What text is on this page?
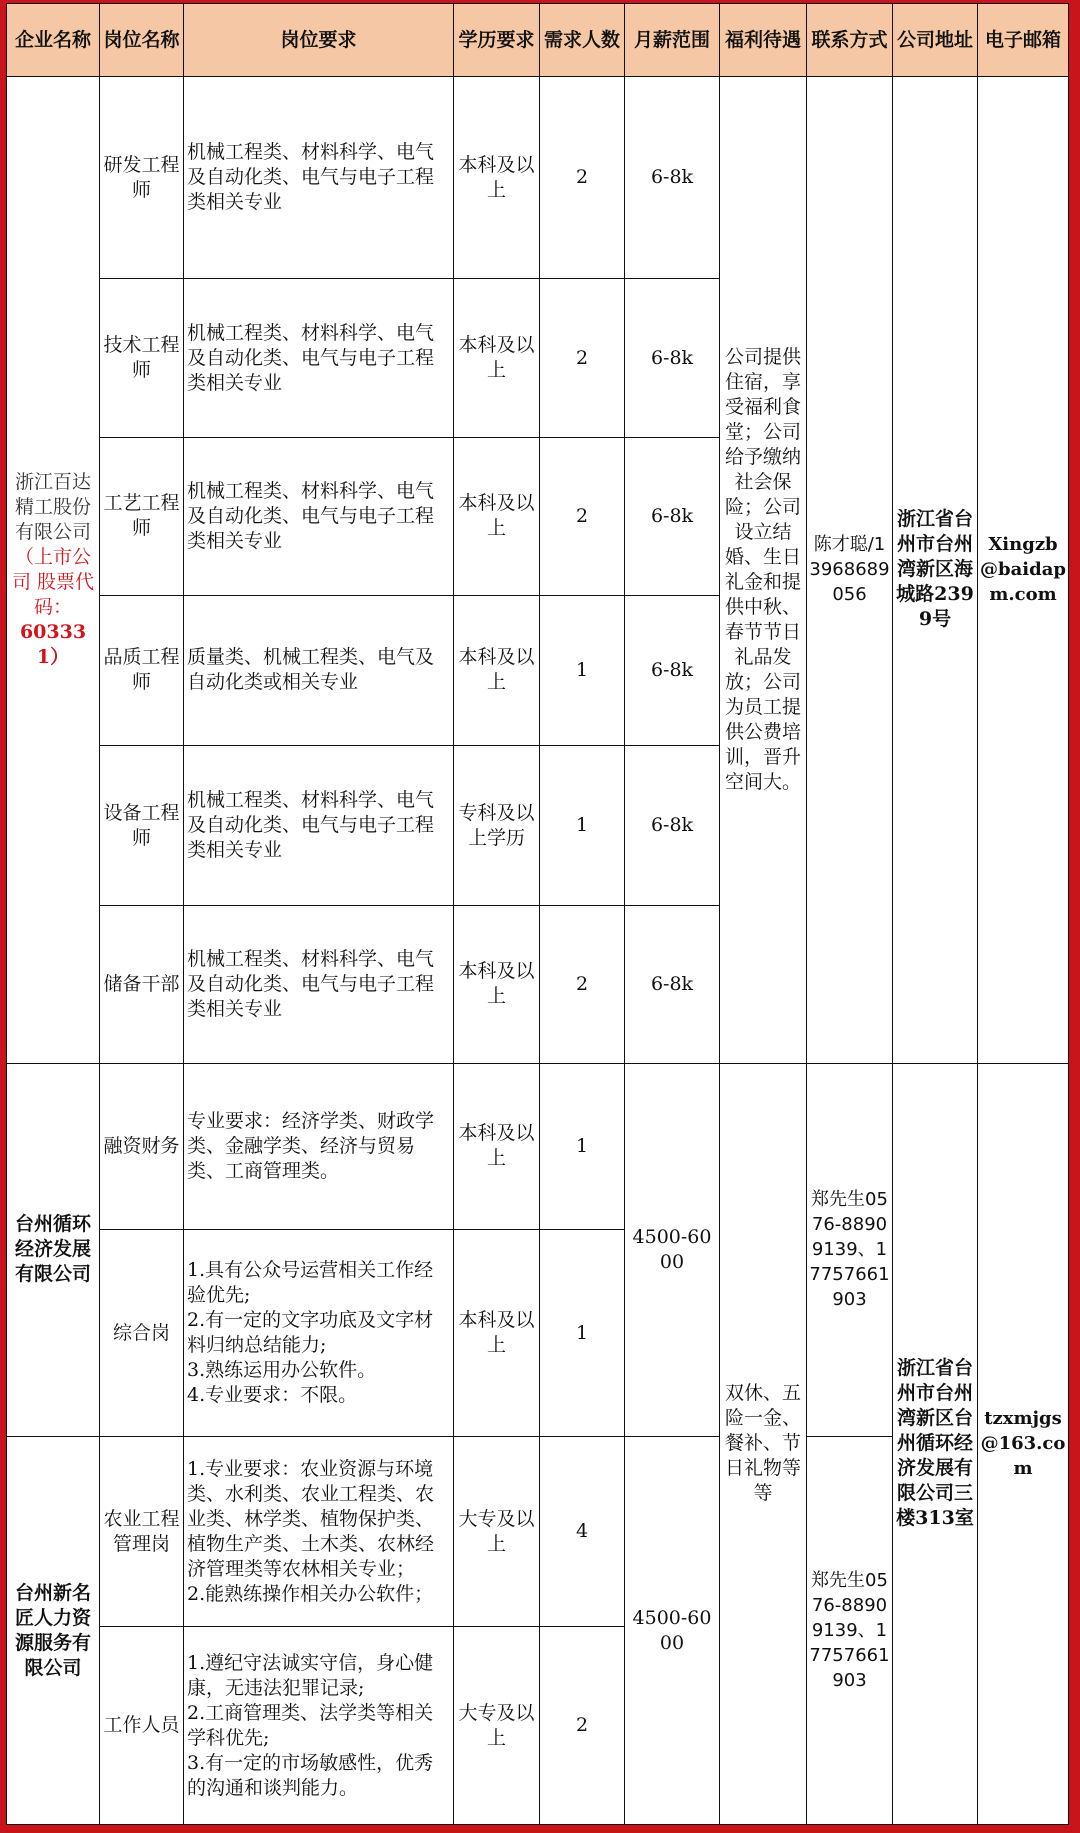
企业名称	岗位名称	岗位要求	学历要求	需求人数	月薪范围	福利待遇	联系方式	公司地址	电子邮箱
浙江百达精工股份有限公司
（上市公司 股票代码：
603331）	研发工程师	机械工程类、材料科学、电气及自动化类、电气与电子工程类相关专业	本科及以上	2	6-8k	公司提供住宿，享受福利食堂；公司给予缴纳社会保险；公司设立结婚、生日礼金和提供中秋、春节节日礼品发放；公司为员工提供公费培训，晋升空间大。	陈才聪/13968689056	浙江省台州市台州湾新区海城路2399号	Xingzb@baidapm.com
	技术工程师	机械工程类、材料科学、电气及自动化类、电气与电子工程类相关专业	本科及以上	2	6-8k				
	工艺工程师	机械工程类、材料科学、电气及自动化类、电气与电子工程类相关专业	本科及以上	2	6-8k				
	品质工程师	质量类、机械工程类、电气及自动化类或相关专业	本科及以上	1	6-8k				
	设备工程师	机械工程类、材料科学、电气及自动化类、电气与电子工程类相关专业	专科及以上学历	1	6-8k				
	储备干部	机械工程类、材料科学、电气及自动化类、电气与电子工程类相关专业	本科及以上	2	6-8k				
台州循环经济发展有限公司	融资财务	专业要求：经济学类、财政学类、金融学类、经济与贸易类、工商管理类。	本科及以上	1	4500-6000	双休、五险一金、餐补、节日礼物等等	郑先生0576-88909139、17757661903	浙江省台州市台州湾新区台州循环经济发展有限公司三楼313室	tzxmjgs@163.com
	综合岗	1.具有公众号运营相关工作经验优先;
2.有一定的文字功底及文字材料归纳总结能力;
3.熟练运用办公软件。
4.专业要求：不限。	本科及以上	1					
台州新名匠人力资源服务有限公司	农业工程管理岗	1.专业要求：农业资源与环境类、水利类、农业工程类、农业类、林学类、植物保护类、植物生产类、土木类、农林经济管理类等农林相关专业；
2.能熟练操作相关办公软件；	大专及以上	4	4500-6000		郑先生0576-88909139、17757661903		
	工作人员	1.遵纪守法诚实守信，身心健康，无违法犯罪记录;
2.工商管理类、法学类等相关学科优先;
3.有一定的市场敏感性，优秀的沟通和谈判能力。	大专及以上	2					
